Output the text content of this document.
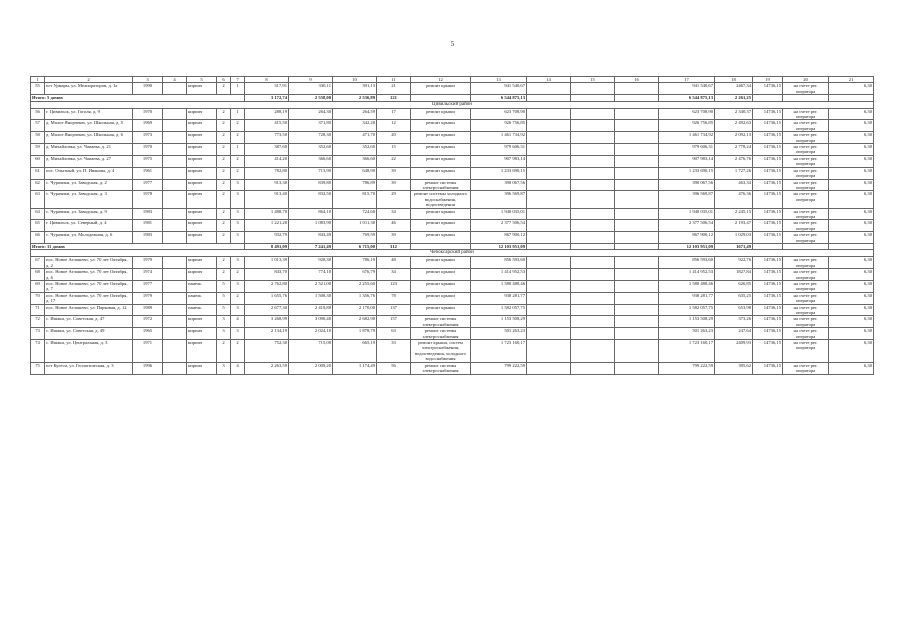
5
1	2	3	4	5	6	7	8	9	10	11	12	13	14	15	16	17	18	19	20	21
55	пгт Урмары, ул. Мелиораторов, д. 1а	1990		кирпич	2	1	317,91	330,11	391,13	21	ремонт крыши	941 540,67				941 540,67	2467,34	14736,15	на счете рег. оператора	6,30
Итого: 5 домов							3 172,74	2 558,00	2 536,89	121		6 544 875,13				6 544 875,13	2 261,25			
Цивильский район																				
56	г. Цивильск, ул. Гоголя, д. 9	1970		кирпич	2	1	288,19	264,30	264,59	17	ремонт крыши	623 708,90				623 708,90	2 340,37	14736,15	на счете рег. оператора	6,30
57	д. Малое Янорченю, ул. Школьная, д. 5	1969		кирпич	2	2	415,50	371,80	342,20	12	ремонт крыши	926 756,85				926 756,85	2 492,63	14736,15	на счете рег. оператора	6,30
58	д. Малое Янорченю, ул. Школьная, д. 6	1973		кирпич	2	2	773,50	728,30	471,70	20	ремонт крыши	1 461 734,92				1 461 734,92	2 092,13	14736,15	на счете рег. оператора	6,30
59	д. Михайловка, ул. Чапаева, д. 21	1970		кирпич	2	1	387,60	352,60	352,60	15	ремонт крыши	979 606,31				979 606,31	2 778,24	14736,15	на счете рег. оператора	6,30
60	д. Михайловка, ул. Чапаева, д. 27	1975		кирпич	2	2	414,20	366,60	366,60	22	ремонт крыши	907 983,14				907 983,14	2 476,76	14736,15	на счете рег. оператора	6,30
61	пос. Опытный, ул. П. Иванова, д. 4	1961		кирпич	2	2	782,80	713,90	648,90	39	ремонт крыши	1 233 690,15				1 233 690,15	1 727,26	14736,15	на счете рег. оператора	6,30
62	с. Чурачики, ул. Заводская, д. 2	1977		кирпич	2	3	913,30	839,80	786,89	39	ремонт системы электроснабжения	390 067,56				390 067,56	463,34	14736,15	на счете рег. оператора	6,30
63	с. Чурачики, ул. Заводская, д. 3	1978		кирпич	2	3	913,40	832,50	815,70	29	ремонт системы холодного водоснабжения, водоотведения	396 569,87				396 569,87	476,36	14736,15	на счете рег. оператора	6,30
64	с. Чурачики, ул. Заводская, д. 9	1983		кирпич	2	3	1 488,70	864,10	724,60	34	ремонт крыши	1 940 035,01				1 940 035,01	2 245,15	14736,15	на счете рег. оператора	6,30
65	г. Цивильск, ул. Северный, д. 4	1981		кирпич	2	3	1 221,20	1 083,90	1 011,30	46	ремонт крыши	2 377 506,54				2 377 506,54	2 193,47	14736,15	на счете рег. оператора	6,30
66	с. Чурачики, ул. Молодежная, д. 6	1983		кирпич	2	3	932,79	843,49	769,59	39	ремонт крыши	867 900,12				867 900,12	1 029,03	14736,15	на счете рег. оператора	6,30
Итого: 11 домов							8 491,09	7 241,49	6 715,00	312		12 103 951,09				12 103 951,09	1671,49			
Чебоксарский район																				
67	пос. Новое Атлашево, ул. 70 лет Октября, д. 2	1979		кирпич	2	3	1 013,39	928,30	786,19	48	ремонт крыши	856 593,60				856 593,60	922,76	14736,15	на счете рег. оператора	6,30
68	пос. Новое Атлашево, ул. 70 лет Октября, д. 6	1974		кирпич	2	2	843,70	774,10	676,79	34	ремонт крыши	1 414 952,53				1 414 952,53	1827,84	14736,15	на счете рег. оператора	6,30
69	пос. Новое Атлашево, ул. 70 лет Октября, д. 7	1977		панель	5	3	2 762,80	2 521,00	2 255,60	123	ремонт крыши	1 580 488,46				1 580 488,46	626,85	14736,15	на счете рег. оператора	6,30
70	пос. Новое Атлашево, ул. 70 лет Октября, д. 17	1979		панель	5	2	1 655,76	1 508,30	1 356,76	78	ремонт крыши	938 281,77				938 281,77	635,25	14736,15	на счете рег. оператора	6,30
71	пос. Новое Атлашево, ул. Парковая, д. 12	1989		панель	5	3	2 677,30	2 419,80	2 170,00	137	ремонт крыши	1 582 057,75				1 582 057,75	653,98	14736,15	на счете рег. оператора	6,30
72	с. Ишаки, ул. Советская, д. 47	1972		кирпич	3	4	3 268,99	3 090,40	2 682,90	157	ремонт системы электроснабжения	1 153 508,29				1 153 508,29	373,26	14736,15	на счете рег. оператора	6,30
73	с. Ишаки, ул. Советская, д. 49	1965		кирпич	3	3	2 134,19	2 024,10	1 878,79	63	ремонт системы электроснабжения	501 263,23				501 263,23	247,64	14736,15	на счете рег. оператора	6,30
74	с. Ишаки, ул. Центральная, д. 3	1971		кирпич	2	2	752,30	715,00	665,19	33	ремонт крыши, систем электроснабжения, водоотведения, холодного водоснабжения	1 723 160,17				1 723 160,17	2409,93	14736,15	на счете рег. оператора	6,30
75	пгт Кугеси, ул. Геологическая, д. 3	1996		кирпич	3	4	2 263,59	2 009,20	1 174,49	56	ремонт системы электроснабжения	799 222,59				799 222,59	395,62	14736,15	на счете рег. оператора	6,30
